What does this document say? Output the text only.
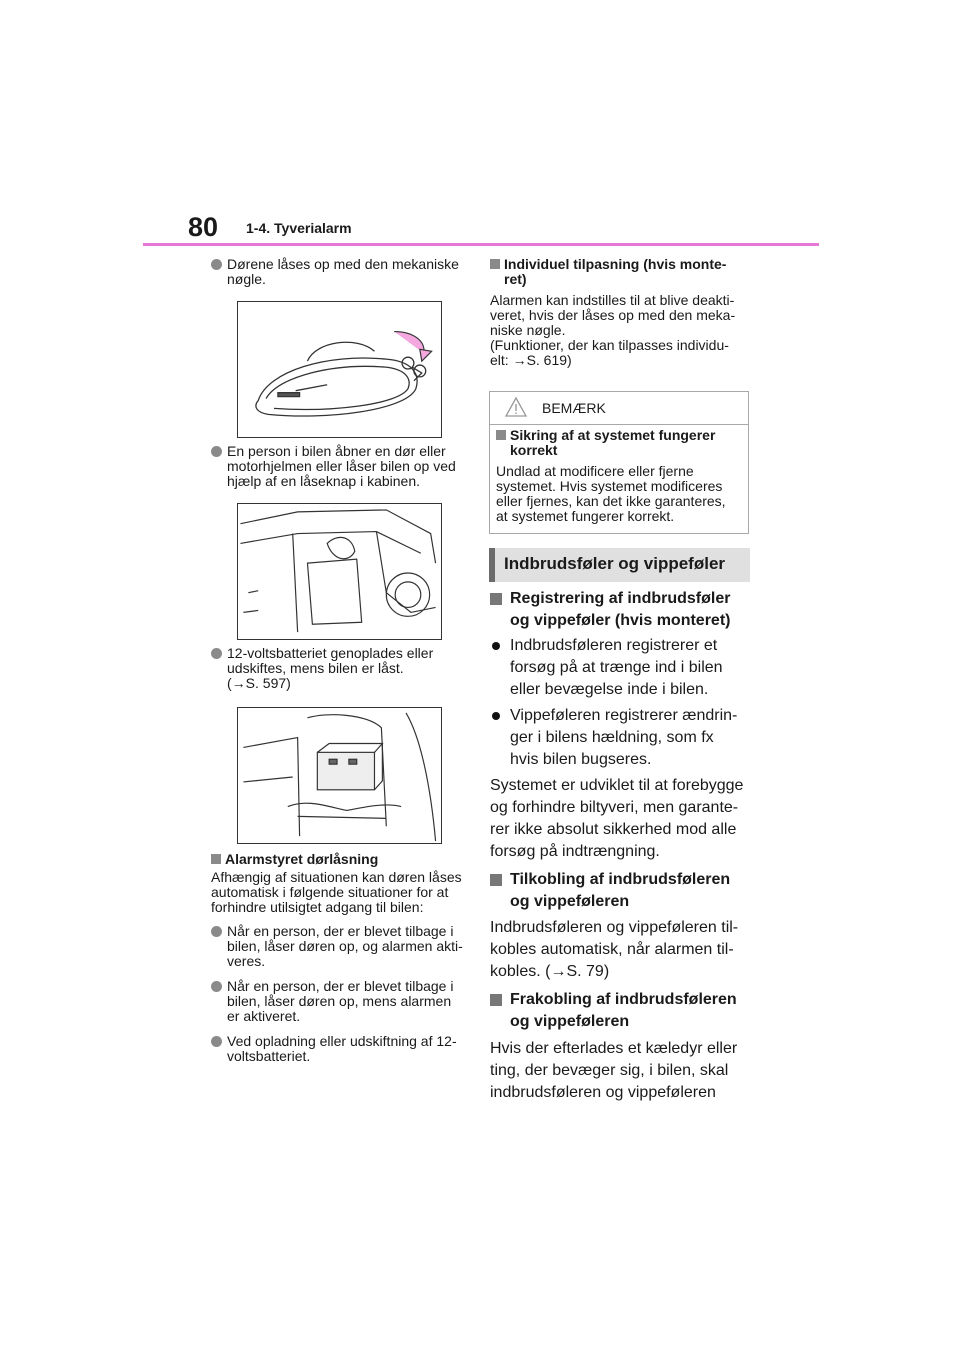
80 1-4. Tyverialarm
Dørene låses op med den mekaniske
nøgle.
En person i bilen åbner en dør eller
motorhjelmen eller låser bilen op ved
hjælp af en låseknap i kabinen.
12-voltsbatteriet genoplades eller
udskiftes, mens bilen er låst.
(→S. 597)
Alarmstyret dørlåsning
Afhængig af situationen kan døren låses
automatisk i følgende situationer for at
forhindre utilsigtet adgang til bilen:
Når en person, der er blevet tilbage i
bilen, låser døren op, og alarmen akti-
veres.
Når en person, der er blevet tilbage i
bilen, låser døren op, mens alarmen
er aktiveret.
Ved opladning eller udskiftning af 12-
voltsbatteriet.
Individuel tilpasning (hvis monte-
ret)
Alarmen kan indstilles til at blive deakti-
veret, hvis der låses op med den meka-
niske nøgle.
(Funktioner, der kan tilpasses individu-
elt: →S. 619)
BEMÆRK
Sikring af at systemet fungerer
korrekt
Undlad at modificere eller fjerne
systemet. Hvis systemet modificeres
eller fjernes, kan det ikke garanteres,
at systemet fungerer korrekt.
Indbrudsføler og vippeføler
Registrering af indbrudsføler
og vippeføler (hvis monteret)
Indbrudsføleren registrerer et
forsøg på at trænge ind i bilen
eller bevægelse inde i bilen.
Vippeføleren registrerer ændrin-
ger i bilens hældning, som fx
hvis bilen bugseres.
Systemet er udviklet til at forebygge
og forhindre biltyveri, men garante-
rer ikke absolut sikkerhed mod alle
forsøg på indtrængning.
Tilkobling af indbrudsføleren
og vippeføleren
Indbrudsføleren og vippeføleren til-
kobles automatisk, når alarmen til-
kobles. (→S. 79)
Frakobling af indbrudsføleren
og vippeføleren
Hvis der efterlades et kæledyr eller
ting, der bevæger sig, i bilen, skal
indbrudsføleren og vippeføleren
